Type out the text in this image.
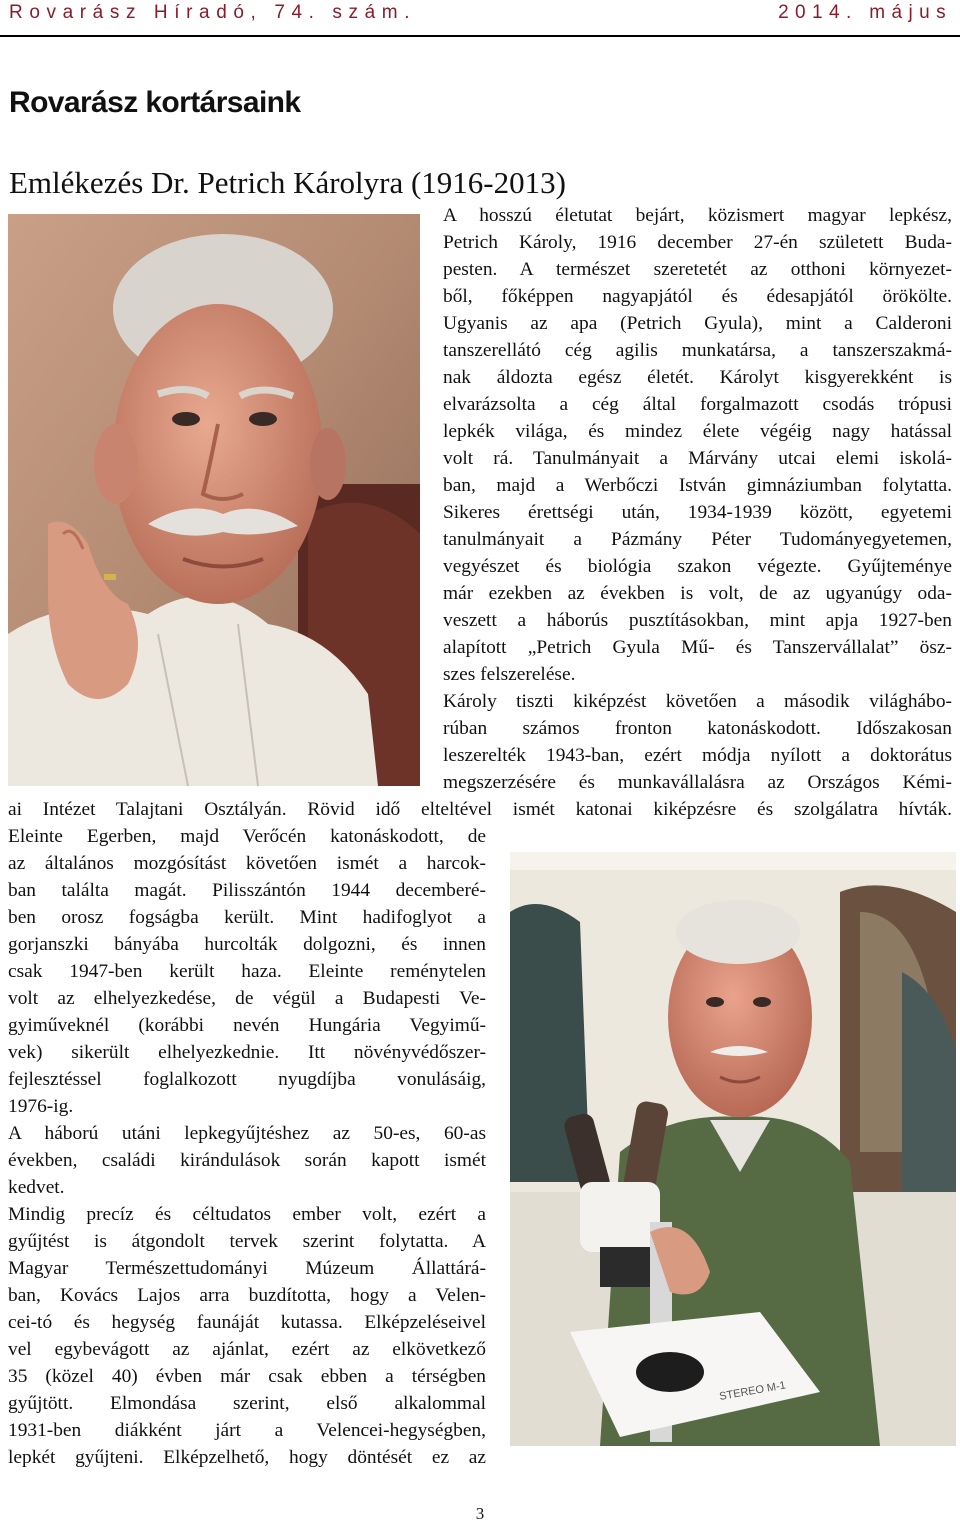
Rovarász Híradó, 74. szám.	2014. május
Rovarász kortársaink
Emlékezés Dr. Petrich Károlyra (1916-2013)

A hosszú életutat bejárt, közismert magyar lepkész,

Petrich Károly, 1916 december 27-én született Buda-

pesten. A természet szeretetét az otthoni környezet-

ből, főképpen nagyapjától és édesapjától örökölte.

Ugyanis az apa (Petrich Gyula), mint a Calderoni

tanszerellátó cég agilis munkatársa, a tanszerszakmá-

nak áldozta egész életét. Károlyt kisgyerekként is

elvarázsolta a cég által forgalmazott csodás trópusi

lepkék világa, és mindez élete végéig nagy hatással

volt rá. Tanulmányait a Márvány utcai elemi iskolá-

ban, majd a Werbőczi István gimnáziumban folytatta.

Sikeres érettségi után, 1934-1939 között, egyetemi

tanulmányait a Pázmány Péter Tudományegyetemen,

vegyészet és biológia szakon végezte. Gyűjteménye

már ezekben az években is volt, de az ugyanúgy oda-

veszett a háborús pusztításokban, mint apja 1927-ben

alapított „Petrich Gyula Mű- és Tanszervállalat” ösz-

szes felszerelése.

Károly tiszti kiképzést követően a második világhábo-

rúban számos fronton katonáskodott. Időszakosan

leszerelték 1943-ban, ezért módja nyílott a doktorátus

megszerzésére és munkavállalásra az Országos Kémi-

ai Intézet Talajtani Osztályán. Rövid idő elteltével ismét katonai kiképzésre és szolgálatra hívták.

Eleinte Egerben, majd Verőcén katonáskodott, de

az általános mozgósítást követően ismét a harcok-

ban találta magát. Pilisszántón 1944 decemberé-

ben orosz fogságba került. Mint hadifoglyot a

gorjanszki bányába hurcolták dolgozni, és innen

csak 1947-ben került haza. Eleinte reménytelen

volt az elhelyezkedése, de végül a Budapesti Ve-

gyiműveknél (korábbi nevén Hungária Vegyimű-

vek) sikerült elhelyezkednie. Itt növényvédőszer-

fejlesztéssel foglalkozott nyugdíjba vonulásáig,

1976-ig.

A háború utáni lepkegyűjtéshez az 50-es, 60-as

években, családi kirándulások során kapott ismét

kedvet.

Mindig precíz és céltudatos ember volt, ezért a

gyűjtést is átgondolt tervek szerint folytatta. A

Magyar Természettudományi Múzeum Állattárá-

ban, Kovács Lajos arra buzdította, hogy a Velen-

cei-tó és hegység faunáját kutassa. Elképzeléseivel

vel egybevágott az ajánlat, ezért az elkövetkező

35 (közel 40) évben már csak ebben a térségben

gyűjtött. Elmondása szerint, első alkalommal

1931-ben diákként járt a Velencei-hegységben,

lepkét gyűjteni. Elképzelhető, hogy döntését ez az

STEREO M-1
3
